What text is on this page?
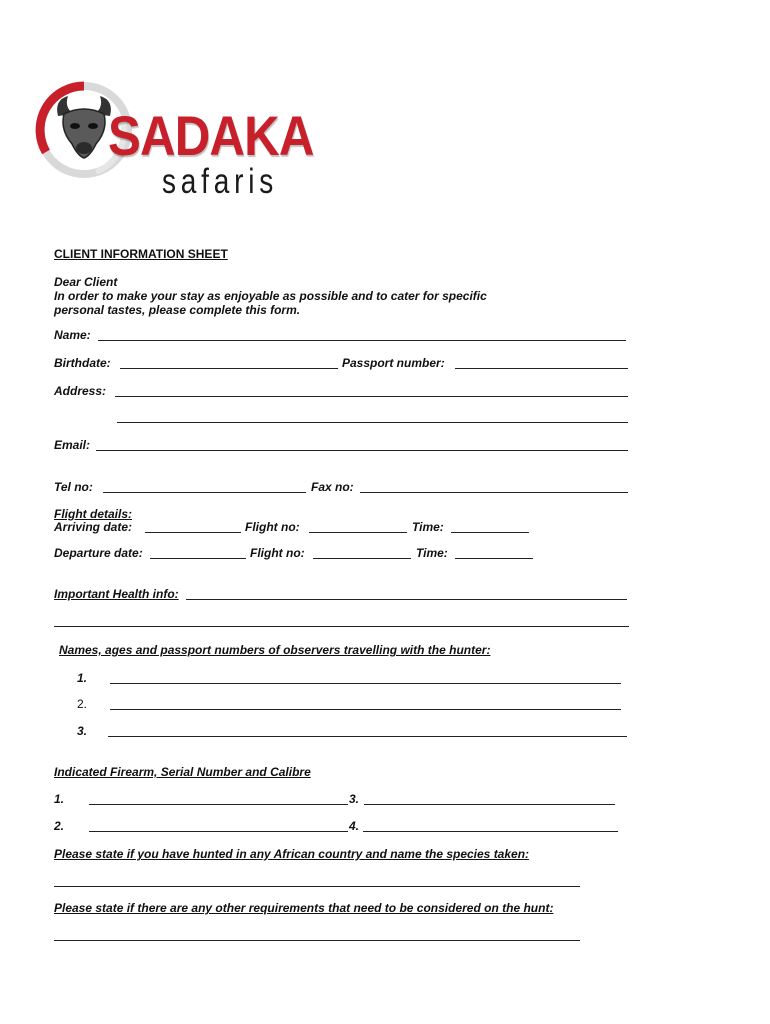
SADAKA
safaris
CLIENT INFORMATION SHEET
Dear Client
In order to make your stay as enjoyable as possible and to cater for specific
personal tastes, please complete this form.
Name:
Birthdate:	Passport number:
Address:
Email:
Tel no:	Fax no:
Flight details:
Arriving date:	Flight no:	Time:
Departure date:	Flight no:	Time:
Important Health info:
Names, ages and passport numbers of observers travelling with the hunter:
1.
2.
3.
Indicated Firearm, Serial Number and Calibre
1.	3.
2.	4.
Please state if you have hunted in any African country and name the species taken:
Please state if there are any other requirements that need to be considered on the hunt:
